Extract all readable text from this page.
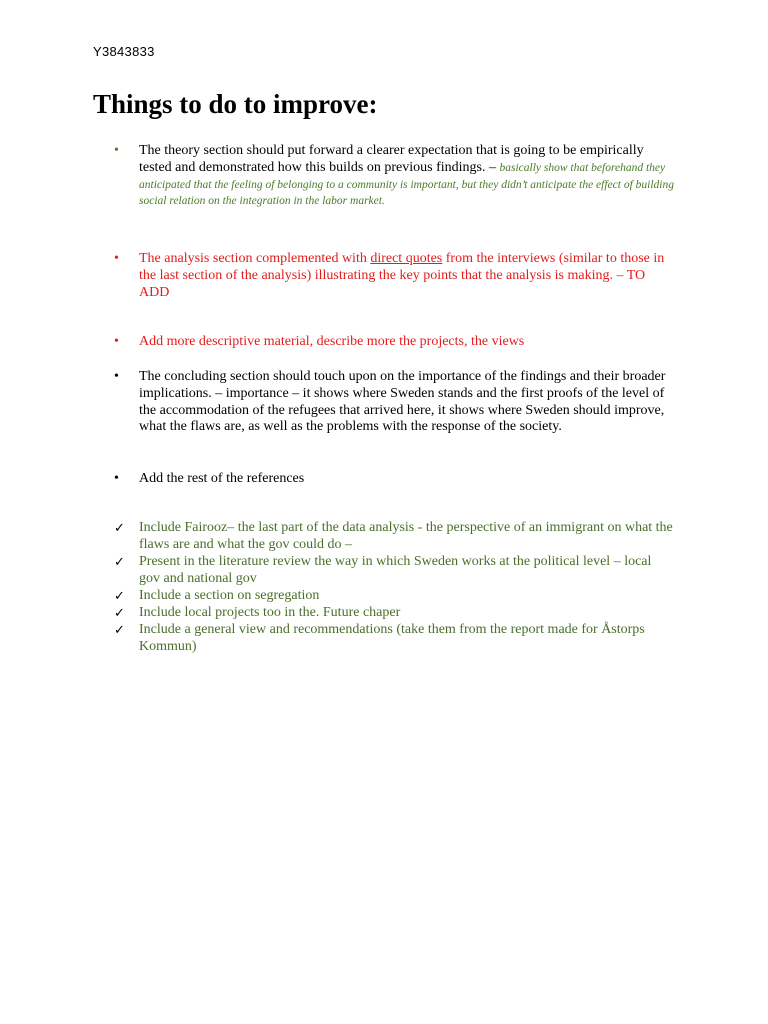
Y3843833
Things to do to improve:
•	The theory section should put forward a clearer expectation that is going to be empirically tested and demonstrated how this builds on previous findings. – basically show that beforehand they anticipated that the feeling of belonging to a community is important, but they didn’t anticipate the effect of building social relation on the integration in the labor market.
•	The analysis section complemented with direct quotes from the interviews (similar to those in the last section of the analysis) illustrating the key points that the analysis is making. – TO ADD
•	Add more descriptive material, describe more the projects, the views
•	The concluding section should touch upon on the importance of the findings and their broader implications. – importance – it shows where Sweden stands and the first proofs of the level of the accommodation of the refugees that arrived here, it shows where Sweden should improve, what the flaws are, as well as the problems with the response of the society.
•	Add the rest of the references
✓ Include Fairooz– the last part of the data analysis - the perspective of an immigrant on what the flaws are and what the gov could do –
✓ Present in the literature review the way in which Sweden works at the political level – local gov and national gov
✓ Include a section on segregation
✓ Include local projects too in the. Future chaper
✓ Include a general view and recommendations (take them from the report made for Åstorps Kommun)
